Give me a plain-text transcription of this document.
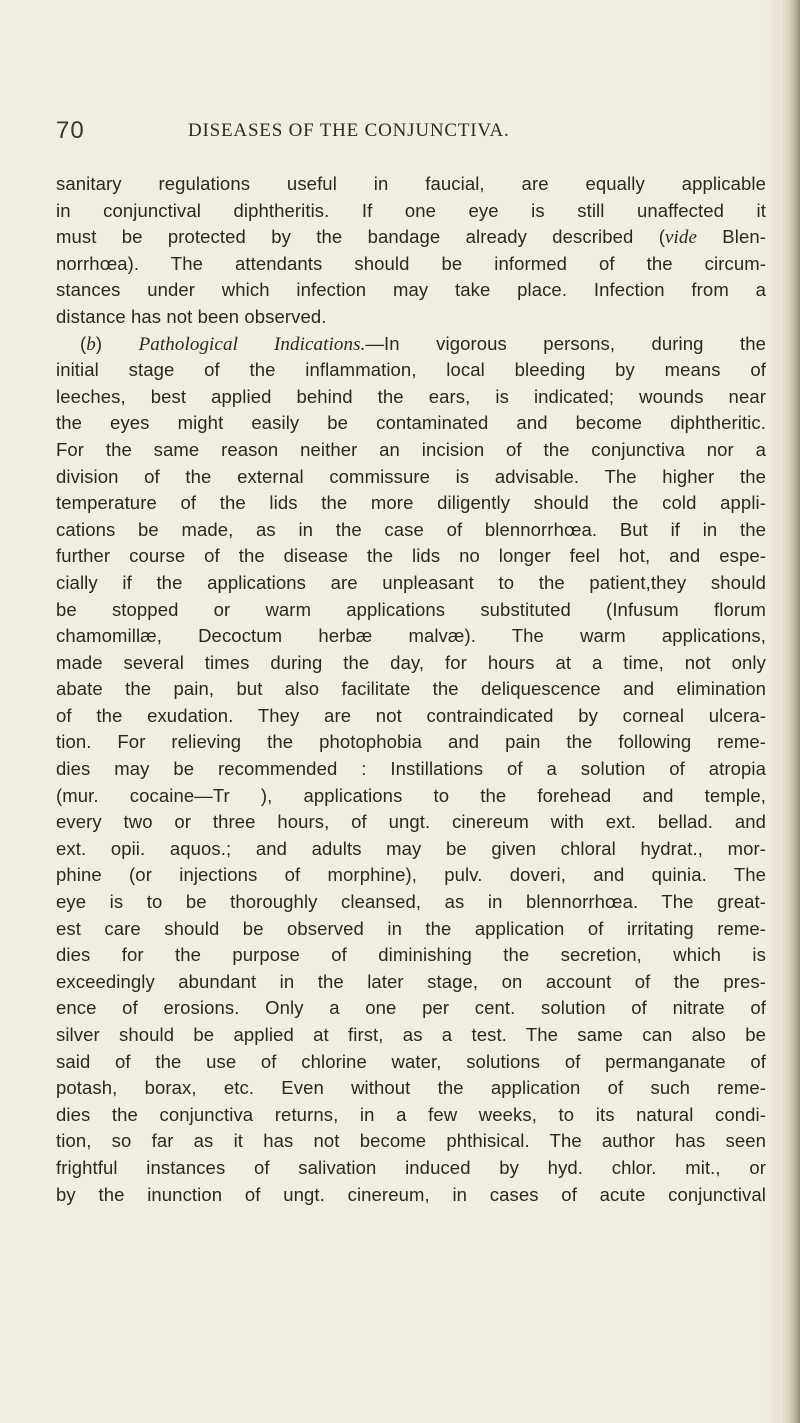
70	DISEASES OF THE CONJUNCTIVA.
sanitary regulations useful in faucial, are equally applicable
in conjunctival diphtheritis. If one eye is still unaffected it
must be protected by the bandage already described (vide Blen-
norrhœa). The attendants should be informed of the circum-
stances under which infection may take place. Infection from a
distance has not been observed.
(b) Pathological Indications.—In vigorous persons, during the
initial stage of the inflammation, local bleeding by means of
leeches, best applied behind the ears, is indicated; wounds near
the eyes might easily be contaminated and become diphtheritic.
For the same reason neither an incision of the conjunctiva nor a
division of the external commissure is advisable. The higher the
temperature of the lids the more diligently should the cold appli-
cations be made, as in the case of blennorrhœa. But if in the
further course of the disease the lids no longer feel hot, and espe-
cially if the applications are unpleasant to the patient,they should
be stopped or warm applications substituted (Infusum florum
chamomillæ, Decoctum herbæ malvæ). The warm applications,
made several times during the day, for hours at a time, not only
abate the pain, but also facilitate the deliquescence and elimination
of the exudation. They are not contraindicated by corneal ulcera-
tion. For relieving the photophobia and pain the following reme-
dies may be recommended : Instillations of a solution of atropia
(mur. cocaine—Tr ), applications to the forehead and temple,
every two or three hours, of ungt. cinereum with ext. bellad. and
ext. opii. aquos.; and adults may be given chloral hydrat., mor-
phine (or injections of morphine), pulv. doveri, and quinia. The
eye is to be thoroughly cleansed, as in blennorrhœa. The great-
est care should be observed in the application of irritating reme-
dies for the purpose of diminishing the secretion, which is
exceedingly abundant in the later stage, on account of the pres-
ence of erosions. Only a one per cent. solution of nitrate of
silver should be applied at first, as a test. The same can also be
said of the use of chlorine water, solutions of permanganate of
potash, borax, etc. Even without the application of such reme-
dies the conjunctiva returns, in a few weeks, to its natural condi-
tion, so far as it has not become phthisical. The author has seen
frightful instances of salivation induced by hyd. chlor. mit., or
by the inunction of ungt. cinereum, in cases of acute conjunctival
